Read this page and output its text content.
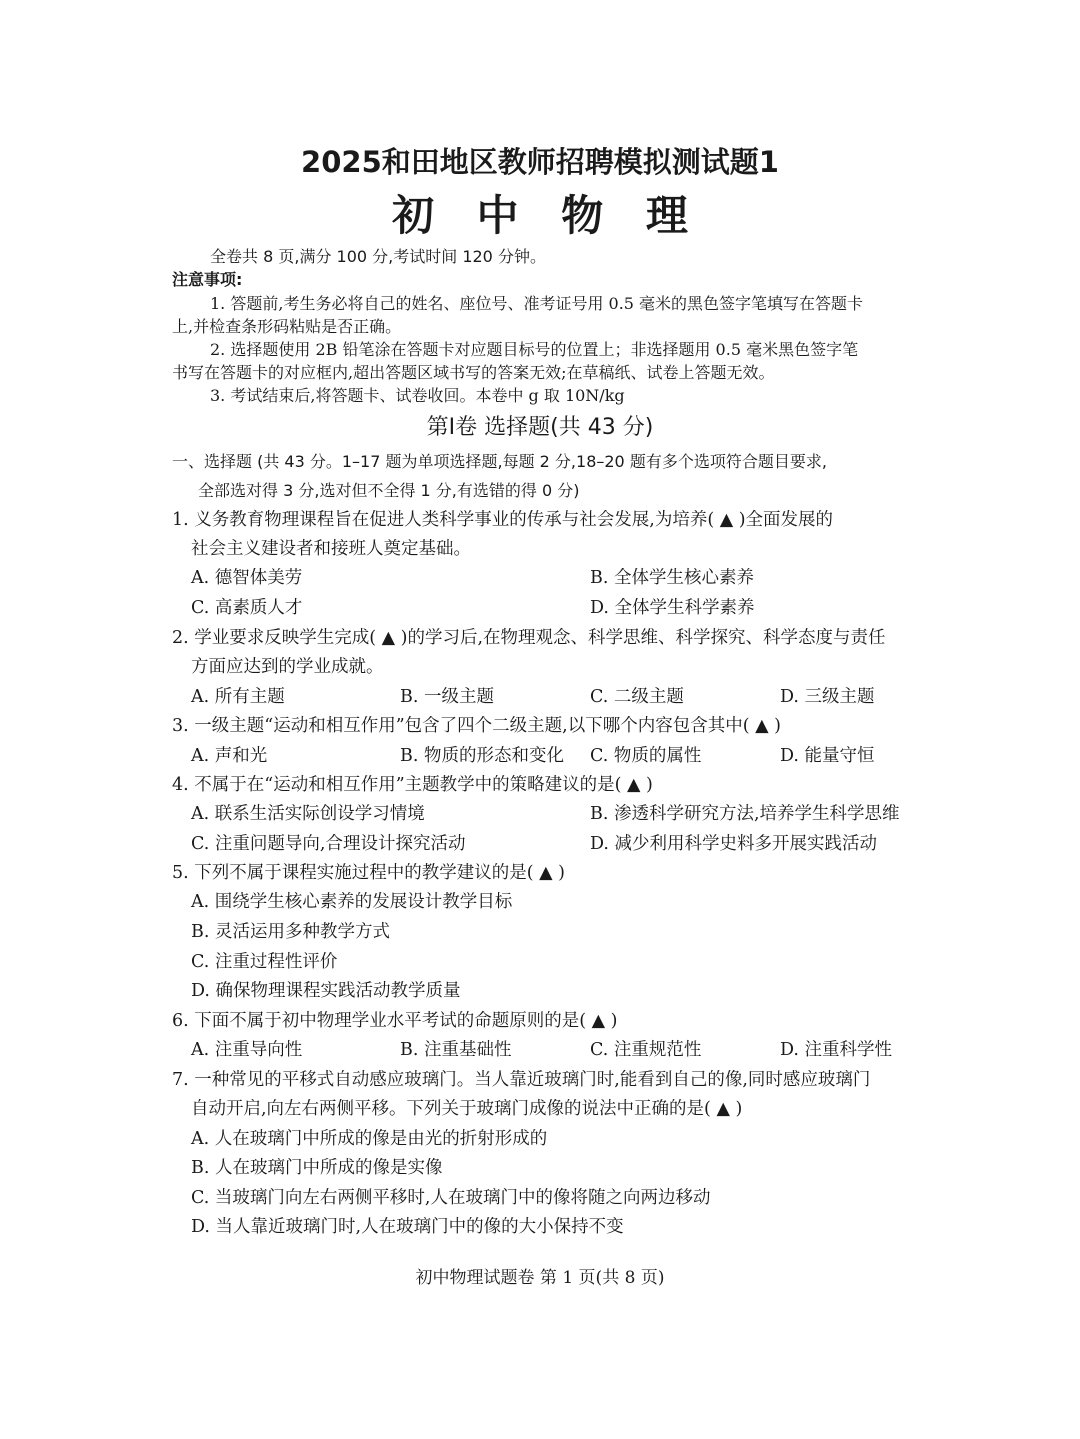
2025和田地区教师招聘模拟测试题1
初 中 物 理
全卷共 8 页,满分 100 分,考试时间 120 分钟。
注意事项:
1. 答题前,考生务必将自己的姓名、座位号、准考证号用 0.5 毫米的黑色签字笔填写在答题卡
上,并检查条形码粘贴是否正确。
2. 选择题使用 2B 铅笔涂在答题卡对应题目标号的位置上；非选择题用 0.5 毫米黑色签字笔
书写在答题卡的对应框内,超出答题区域书写的答案无效;在草稿纸、试卷上答题无效。
3. 考试结束后,将答题卡、试卷收回。本卷中 g 取 10N/kg
第Ⅰ卷 选择题(共 43 分)
一、选择题 (共 43 分。1–17 题为单项选择题,每题 2 分,18–20 题有多个选项符合题目要求,
全部选对得 3 分,选对但不全得 1 分,有选错的得 0 分)
1. 义务教育物理课程旨在促进人类科学事业的传承与社会发展,为培养( ▲ )全面发展的
社会主义建设者和接班人奠定基础。
A. 德智体美劳	B. 全体学生核心素养
C. 高素质人才	D. 全体学生科学素养
2. 学业要求反映学生完成( ▲ )的学习后,在物理观念、科学思维、科学探究、科学态度与责任
方面应达到的学业成就。
A. 所有主题	B. 一级主题	C. 二级主题	D. 三级主题
3. 一级主题“运动和相互作用”包含了四个二级主题,以下哪个内容包含其中( ▲ )
A. 声和光	B. 物质的形态和变化 C. 物质的属性	D. 能量守恒
4. 不属于在“运动和相互作用”主题教学中的策略建议的是( ▲ )
A. 联系生活实际创设学习情境	B. 渗透科学研究方法,培养学生科学思维
C. 注重问题导向,合理设计探究活动	D. 减少利用科学史料多开展实践活动
5. 下列不属于课程实施过程中的教学建议的是( ▲ )
A. 围绕学生核心素养的发展设计教学目标
B. 灵活运用多种教学方式
C. 注重过程性评价
D. 确保物理课程实践活动教学质量
6. 下面不属于初中物理学业水平考试的命题原则的是( ▲ )
A. 注重导向性	B. 注重基础性	C. 注重规范性	D. 注重科学性
7. 一种常见的平移式自动感应玻璃门。当人靠近玻璃门时,能看到自己的像,同时感应玻璃门
自动开启,向左右两侧平移。下列关于玻璃门成像的说法中正确的是( ▲ )
A. 人在玻璃门中所成的像是由光的折射形成的
B. 人在玻璃门中所成的像是实像
C. 当玻璃门向左右两侧平移时,人在玻璃门中的像将随之向两边移动
D. 当人靠近玻璃门时,人在玻璃门中的像的大小保持不变
初中物理试题卷 第 1 页(共 8 页)
